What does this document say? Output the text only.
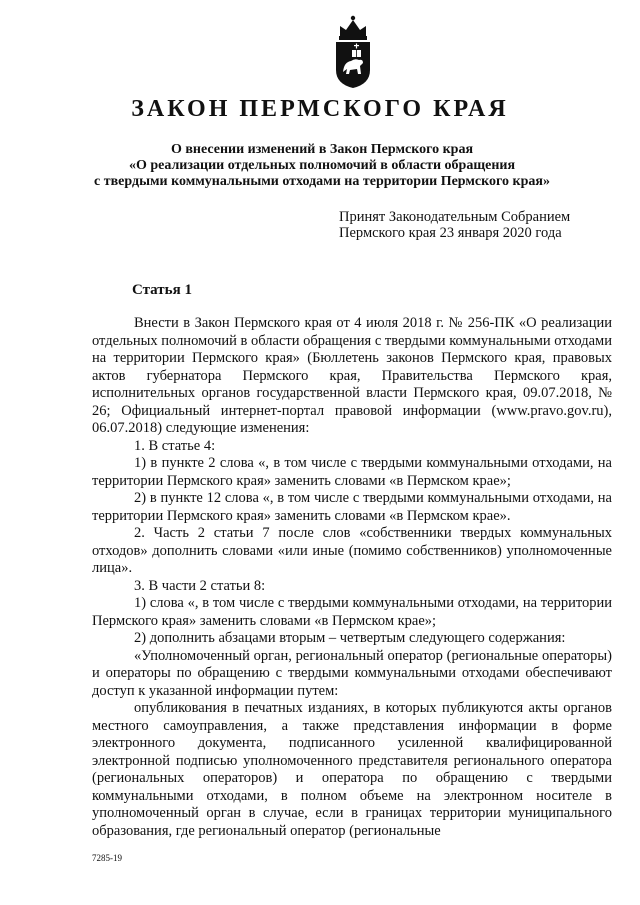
ЗАКОН ПЕРМСКОГО КРАЯ
О внесении изменений в Закон Пермского края
«О реализации отдельных полномочий в области обращения
с твердыми коммунальными отходами на территории Пермского края»
Принят Законодательным Собранием
Пермского края 23 января 2020 года
Статья 1

Внести в Закон Пермского края от 4 июля 2018 г. № 256-ПК «О реализации отдельных полномочий в области обращения с твердыми коммунальными отходами на территории Пермского края» (Бюллетень законов Пермского края, правовых актов губернатора Пермского края, Правительства Пермского края, исполнительных органов государственной власти Пермского края, 09.07.2018, № 26; Официальный интернет-портал правовой информации (www.pravo.gov.ru), 06.07.2018) следующие изменения:

1. В статье 4:

1) в пункте 2 слова «, в том числе с твердыми коммунальными отходами, на территории Пермского края» заменить словами «в Пермском крае»;

2) в пункте 12 слова «, в том числе с твердыми коммунальными отходами, на территории Пермского края» заменить словами «в Пермском крае».

2. Часть 2 статьи 7 после слов «собственники твердых коммунальных отходов» дополнить словами «или иные (помимо собственников) уполномоченные лица».

3. В части 2 статьи 8:

1) слова «, в том числе с твердыми коммунальными отходами, на территории Пермского края» заменить словами «в Пермском крае»;

2) дополнить абзацами вторым – четвертым следующего содержания:

«Уполномоченный орган, региональный оператор (региональные операторы) и операторы по обращению с твердыми коммунальными отходами обеспечивают доступ к указанной информации путем:

опубликования в печатных изданиях, в которых публикуются акты органов местного самоуправления, а также представления информации в форме электронного документа, подписанного усиленной квалифицированной электронной подписью уполномоченного представителя регионального оператора (региональных операторов) и оператора по обращению с твердыми коммунальными отходами, в полном объеме на электронном носителе в уполномоченный орган в случае, если в границах территории муниципального образования, где региональный оператор (региональные

7285-19
